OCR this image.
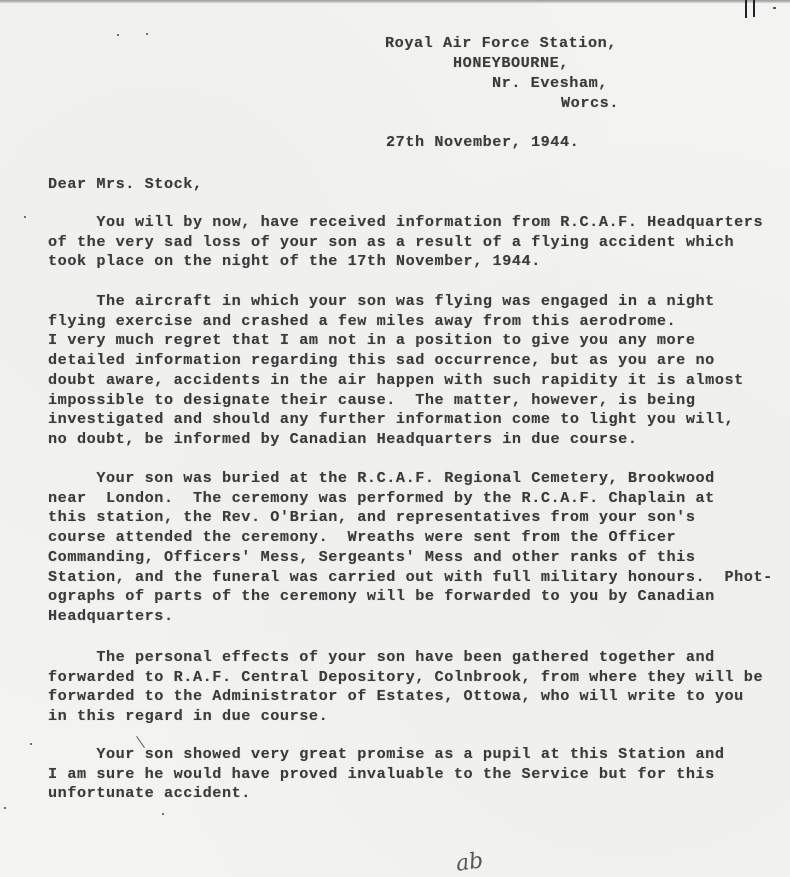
Royal Air Force Station,
HONEYBOURNE,
Nr. Evesham,
Worcs.
27th November, 1944.
Dear Mrs. Stock,
You will by now, have received information from R.C.A.F. Headquarters
of the very sad loss of your son as a result of a flying accident which
took place on the night of the 17th November, 1944.
The aircraft in which your son was flying was engaged in a night
flying exercise and crashed a few miles away from this aerodrome.
I very much regret that I am not in a position to give you any more
detailed information regarding this sad occurrence, but as you are no
doubt aware, accidents in the air happen with such rapidity it is almost
impossible to designate their cause.  The matter, however, is being
investigated and should any further information come to light you will,
no doubt, be informed by Canadian Headquarters in due course.
Your son was buried at the R.C.A.F. Regional Cemetery, Brookwood
near  London.  The ceremony was performed by the R.C.A.F. Chaplain at
this station, the Rev. O'Brian, and representatives from your son's
course attended the ceremony.  Wreaths were sent from the Officer
Commanding, Officers' Mess, Sergeants' Mess and other ranks of this
Station, and the funeral was carried out with full military honours.  Phot-
ographs of parts of the ceremony will be forwarded to you by Canadian
Headquarters.
The personal effects of your son have been gathered together and
forwarded to R.A.F. Central Depository, Colnbrook, from where they will be
forwarded to the Administrator of Estates, Ottowa, who will write to you
in this regard in due course.
Your son showed very great promise as a pupil at this Station and
I am sure he would have proved invaluable to the Service but for this
unfortunate accident.
ab
